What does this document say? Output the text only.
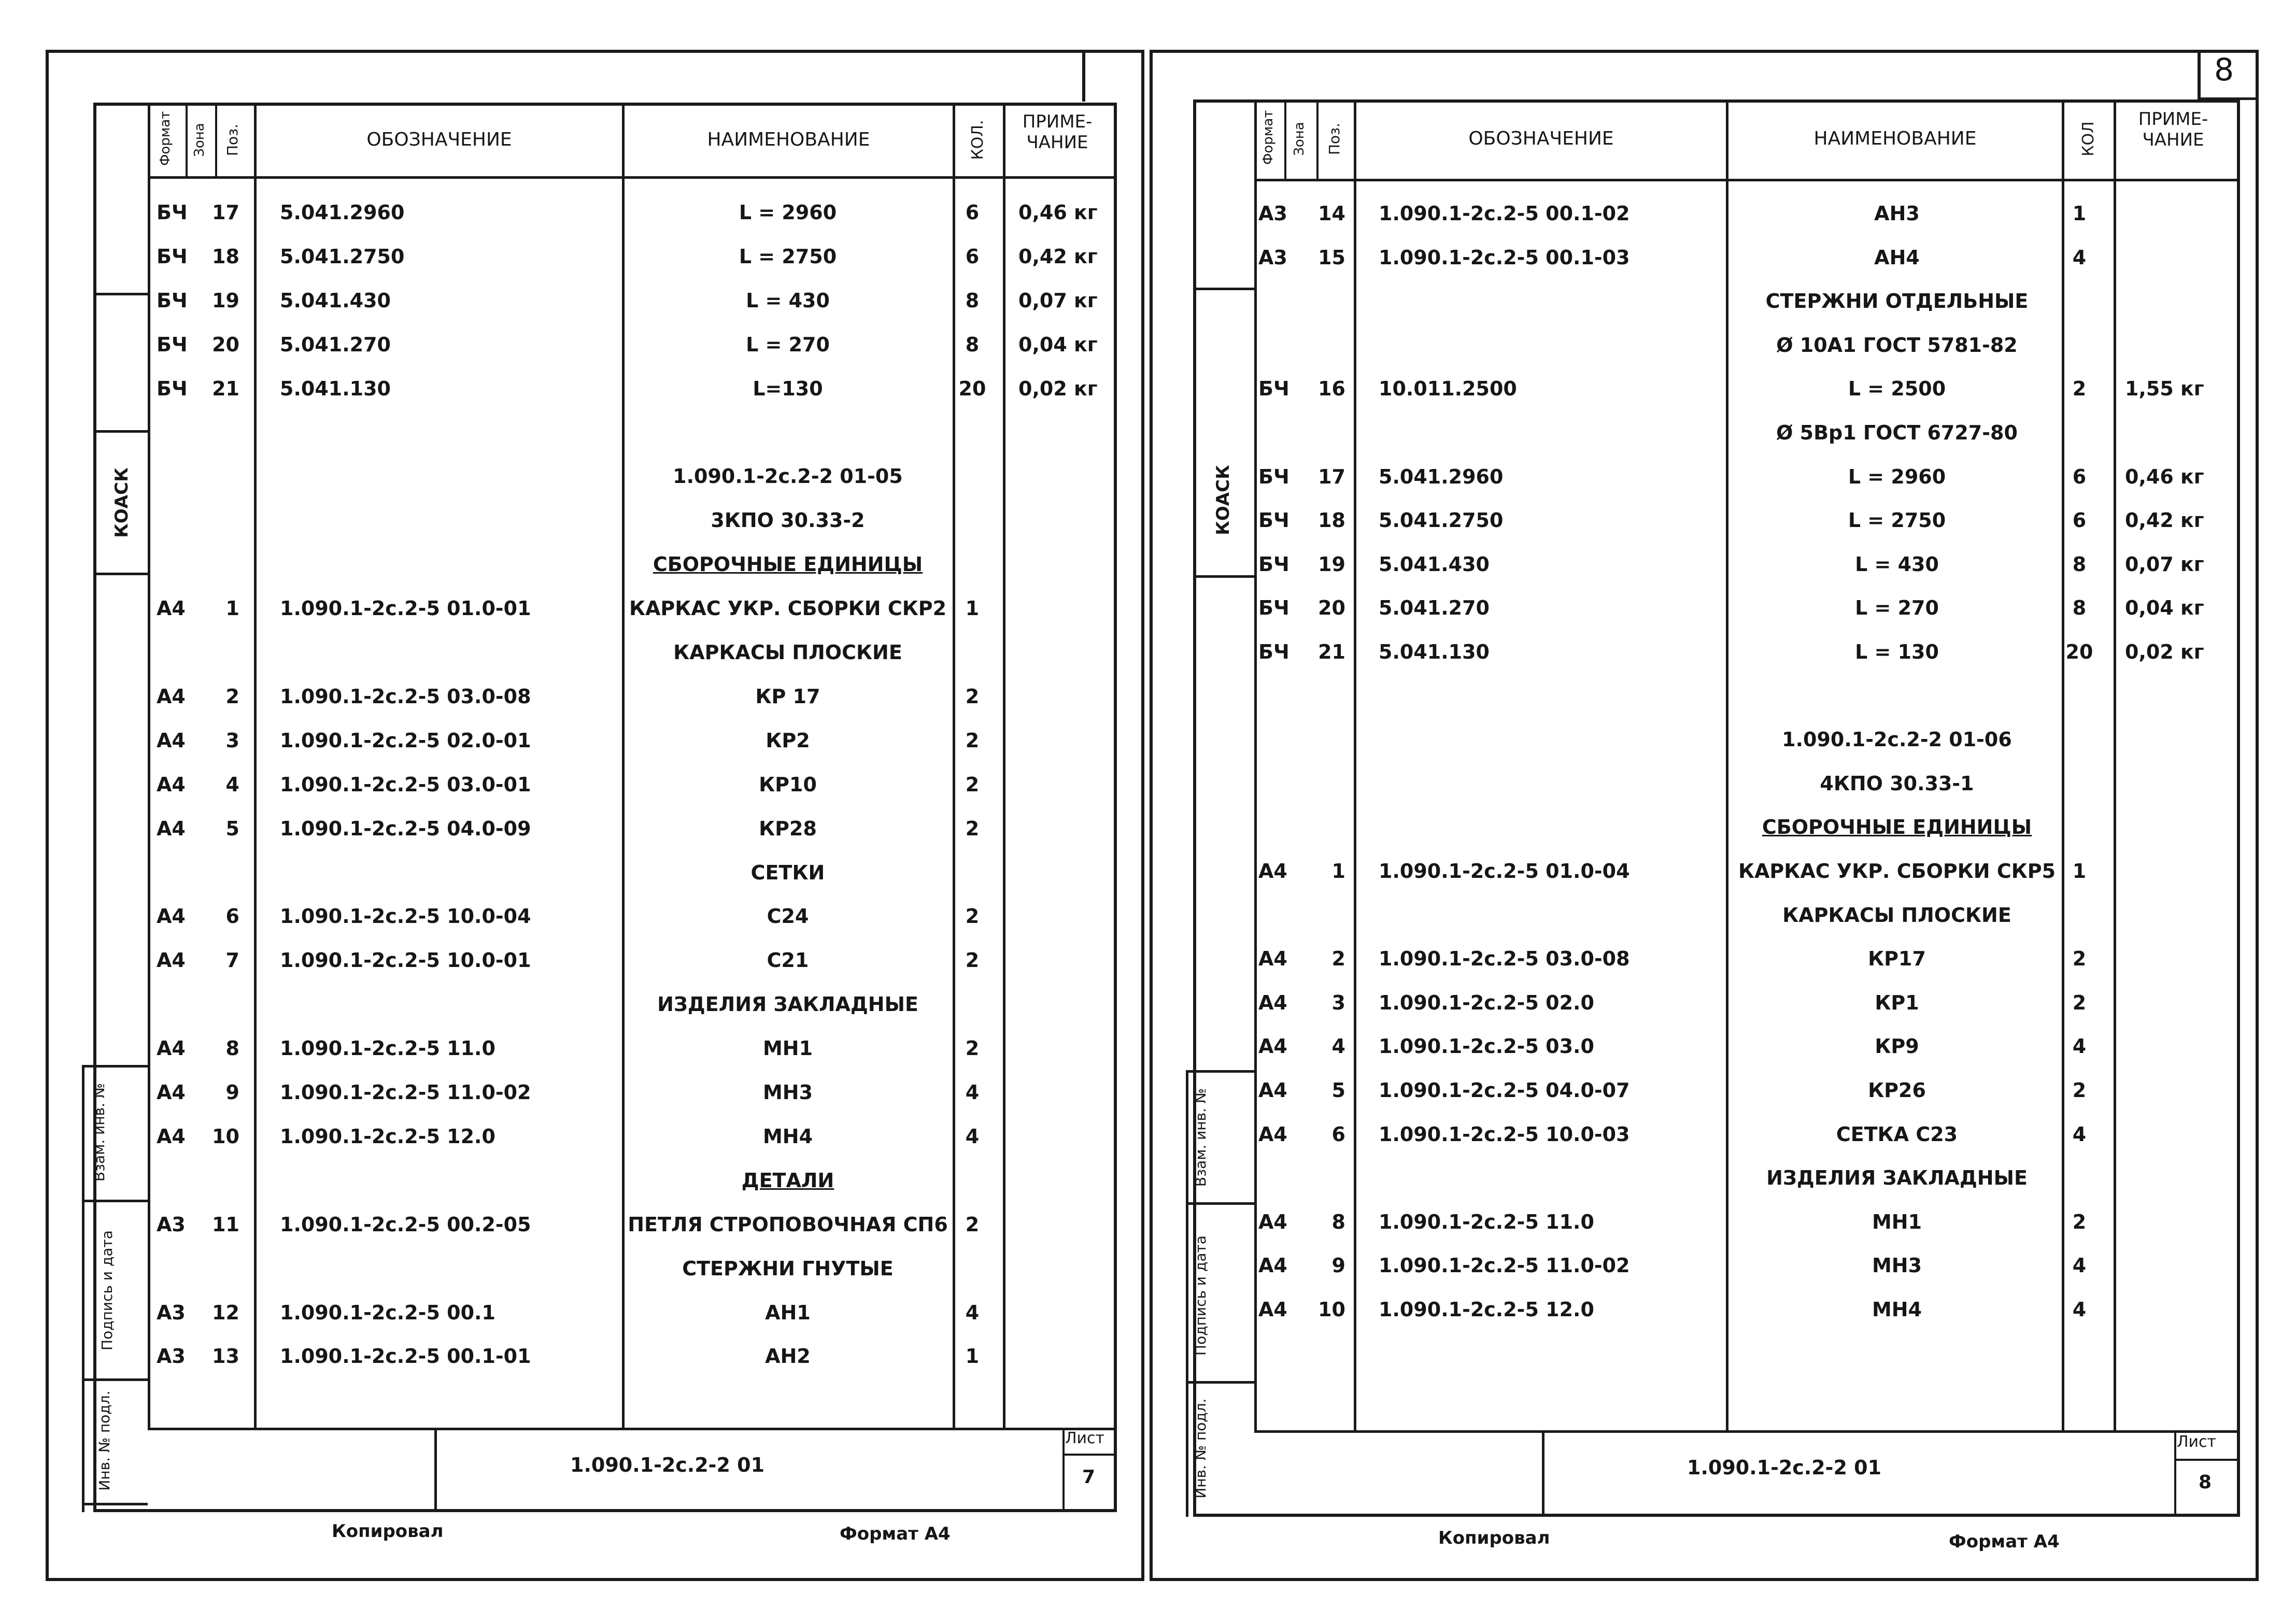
Формат Зона Поз.	ОБОЗНАЧЕНИЕ	НАИМЕНОВАНИЕ	КОЛ.	ПРИМЕ-
ЧАНИЕ
КОАСК
Взам. инв. №
Подпись и дата
Инв. № подл.
БЧ	17 5.041.2960	L = 2960	6	0,46 кг
БЧ	18 5.041.2750	L = 2750	6	0,42 кг
БЧ	19 5.041.430	L = 430	8	0,07 кг
БЧ	20 5.041.270	L = 270	8	0,04 кг
БЧ	21 5.041.130	L=130	20	0,02 кг
1.090.1-2с.2-2 01-05
3КПО 30.33-2
СБОРОЧНЫЕ ЕДИНИЦЫ
А4	1 1.090.1-2с.2-5 01.0-01	КАРКАС УКР. СБОРКИ СКР2 1
КАРКАСЫ ПЛОСКИЕ
А4	2 1.090.1-2с.2-5 03.0-08	КР 17	2
А4	3 1.090.1-2с.2-5 02.0-01	КР2	2
А4	4 1.090.1-2с.2-5 03.0-01	КР10	2
А4	5 1.090.1-2с.2-5 04.0-09	КР28	2
СЕТКИ
А4	6 1.090.1-2с.2-5 10.0-04	С24	2
А4	7 1.090.1-2с.2-5 10.0-01	С21	2
ИЗДЕЛИЯ ЗАКЛАДНЫЕ
А4	8 1.090.1-2с.2-5 11.0	МН1	2
А4	9 1.090.1-2с.2-5 11.0-02	МН3	4
А4	10 1.090.1-2с.2-5 12.0	МН4	4
ДЕТАЛИ
А3	11 1.090.1-2с.2-5 00.2-05	ПЕТЛЯ СТРОПОВОЧНАЯ СП6 2
СТЕРЖНИ ГНУТЫЕ
А3	12 1.090.1-2с.2-5 00.1	АН1	4
А3	13 1.090.1-2с.2-5 00.1-01	АН2	1
1.090.1-2с.2-2 01
Лист
7
Копировал	Формат А4
8
Формат Зона Поз.	ОБОЗНАЧЕНИЕ	НАИМЕНОВАНИЕ	КОЛ
ПРИМЕ-
ЧАНИЕ
КОАСК
Взам. инв. №
Подпись и дата
Инв. № подл.
А3	14 1.090.1-2с.2-5 00.1-02	АН3	1
А3	15 1.090.1-2с.2-5 00.1-03	АН4	4
СТЕРЖНИ ОТДЕЛЬНЫЕ
Ø 10А1 ГОСТ 5781-82
БЧ	16 10.011.2500	L = 2500	2	1,55 кг
Ø 5Вр1 ГОСТ 6727-80
БЧ	17 5.041.2960	L = 2960	6	0,46 кг
БЧ	18 5.041.2750	L = 2750	6	0,42 кг
БЧ	19 5.041.430	L = 430	8	0,07 кг
БЧ	20 5.041.270	L = 270	8	0,04 кг
БЧ	21 5.041.130	L = 130	20	0,02 кг
1.090.1-2с.2-2 01-06
4КПО 30.33-1
СБОРОЧНЫЕ ЕДИНИЦЫ
А4	1 1.090.1-2с.2-5 01.0-04	КАРКАС УКР. СБОРКИ СКР5 1
КАРКАСЫ ПЛОСКИЕ
А4	2 1.090.1-2с.2-5 03.0-08	КР17	2
А4	3 1.090.1-2с.2-5 02.0	КР1	2
А4	4 1.090.1-2с.2-5 03.0	КР9	4
А4	5 1.090.1-2с.2-5 04.0-07	КР26	2
А4	6 1.090.1-2с.2-5 10.0-03	СЕТКА С23	4
ИЗДЕЛИЯ ЗАКЛАДНЫЕ
А4	8 1.090.1-2с.2-5 11.0	МН1	2
А4	9 1.090.1-2с.2-5 11.0-02	МН3	4
А4	10 1.090.1-2с.2-5 12.0	МН4	4
1.090.1-2с.2-2 01
Лист
8
Копировал	Формат А4
